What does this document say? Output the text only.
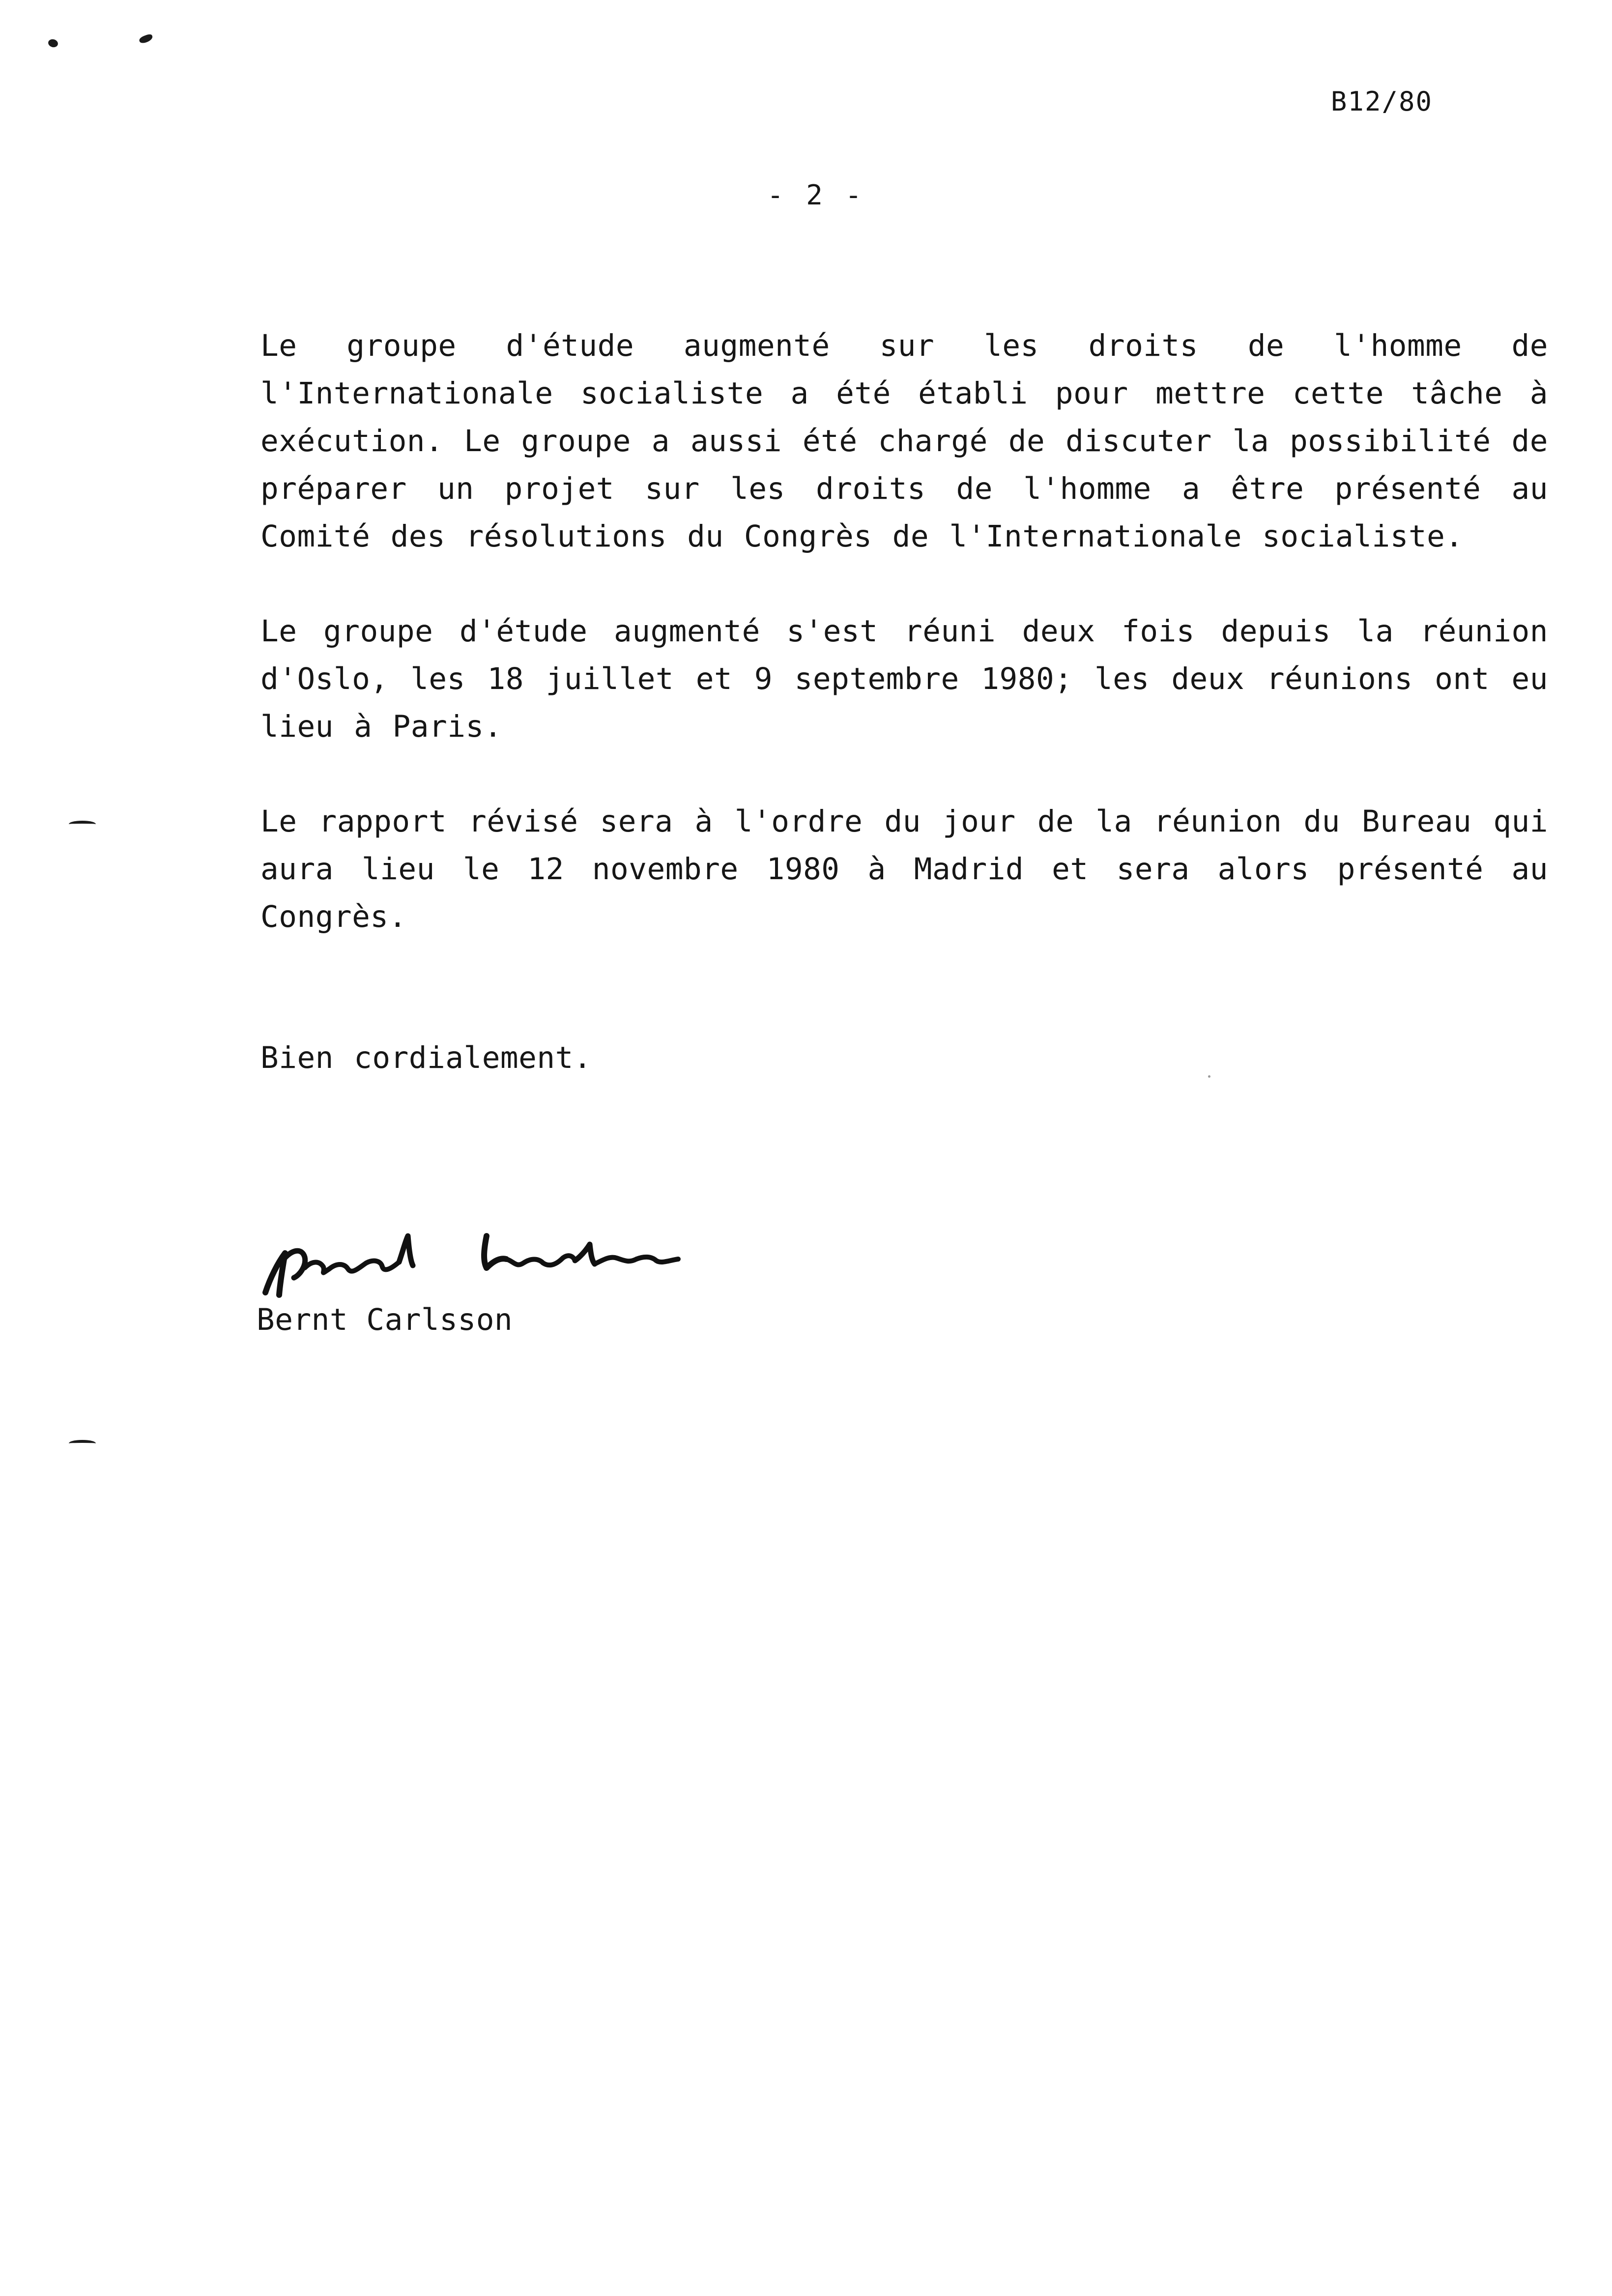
B12/80
- 2 -

Le groupe d'étude augmenté sur les droits de l'homme de l'Internationale socialiste a été établi pour mettre cette tâche à exécution. Le groupe a aussi été chargé de discuter la possibilité de préparer un projet sur les droits de l'homme a être présenté au Comité des résolutions du Congrès de l'Internationale socialiste.

Le groupe d'étude augmenté s'est réuni deux fois depuis la réunion d'Oslo, les 18 juillet et 9 septembre 1980; les deux réunions ont eu lieu à Paris.

Le rapport révisé sera à l'ordre du jour de la réunion du Bureau qui aura lieu le 12 novembre 1980 à Madrid et sera alors présenté au Congrès.

Bien cordialement.

Bernt Carlsson
